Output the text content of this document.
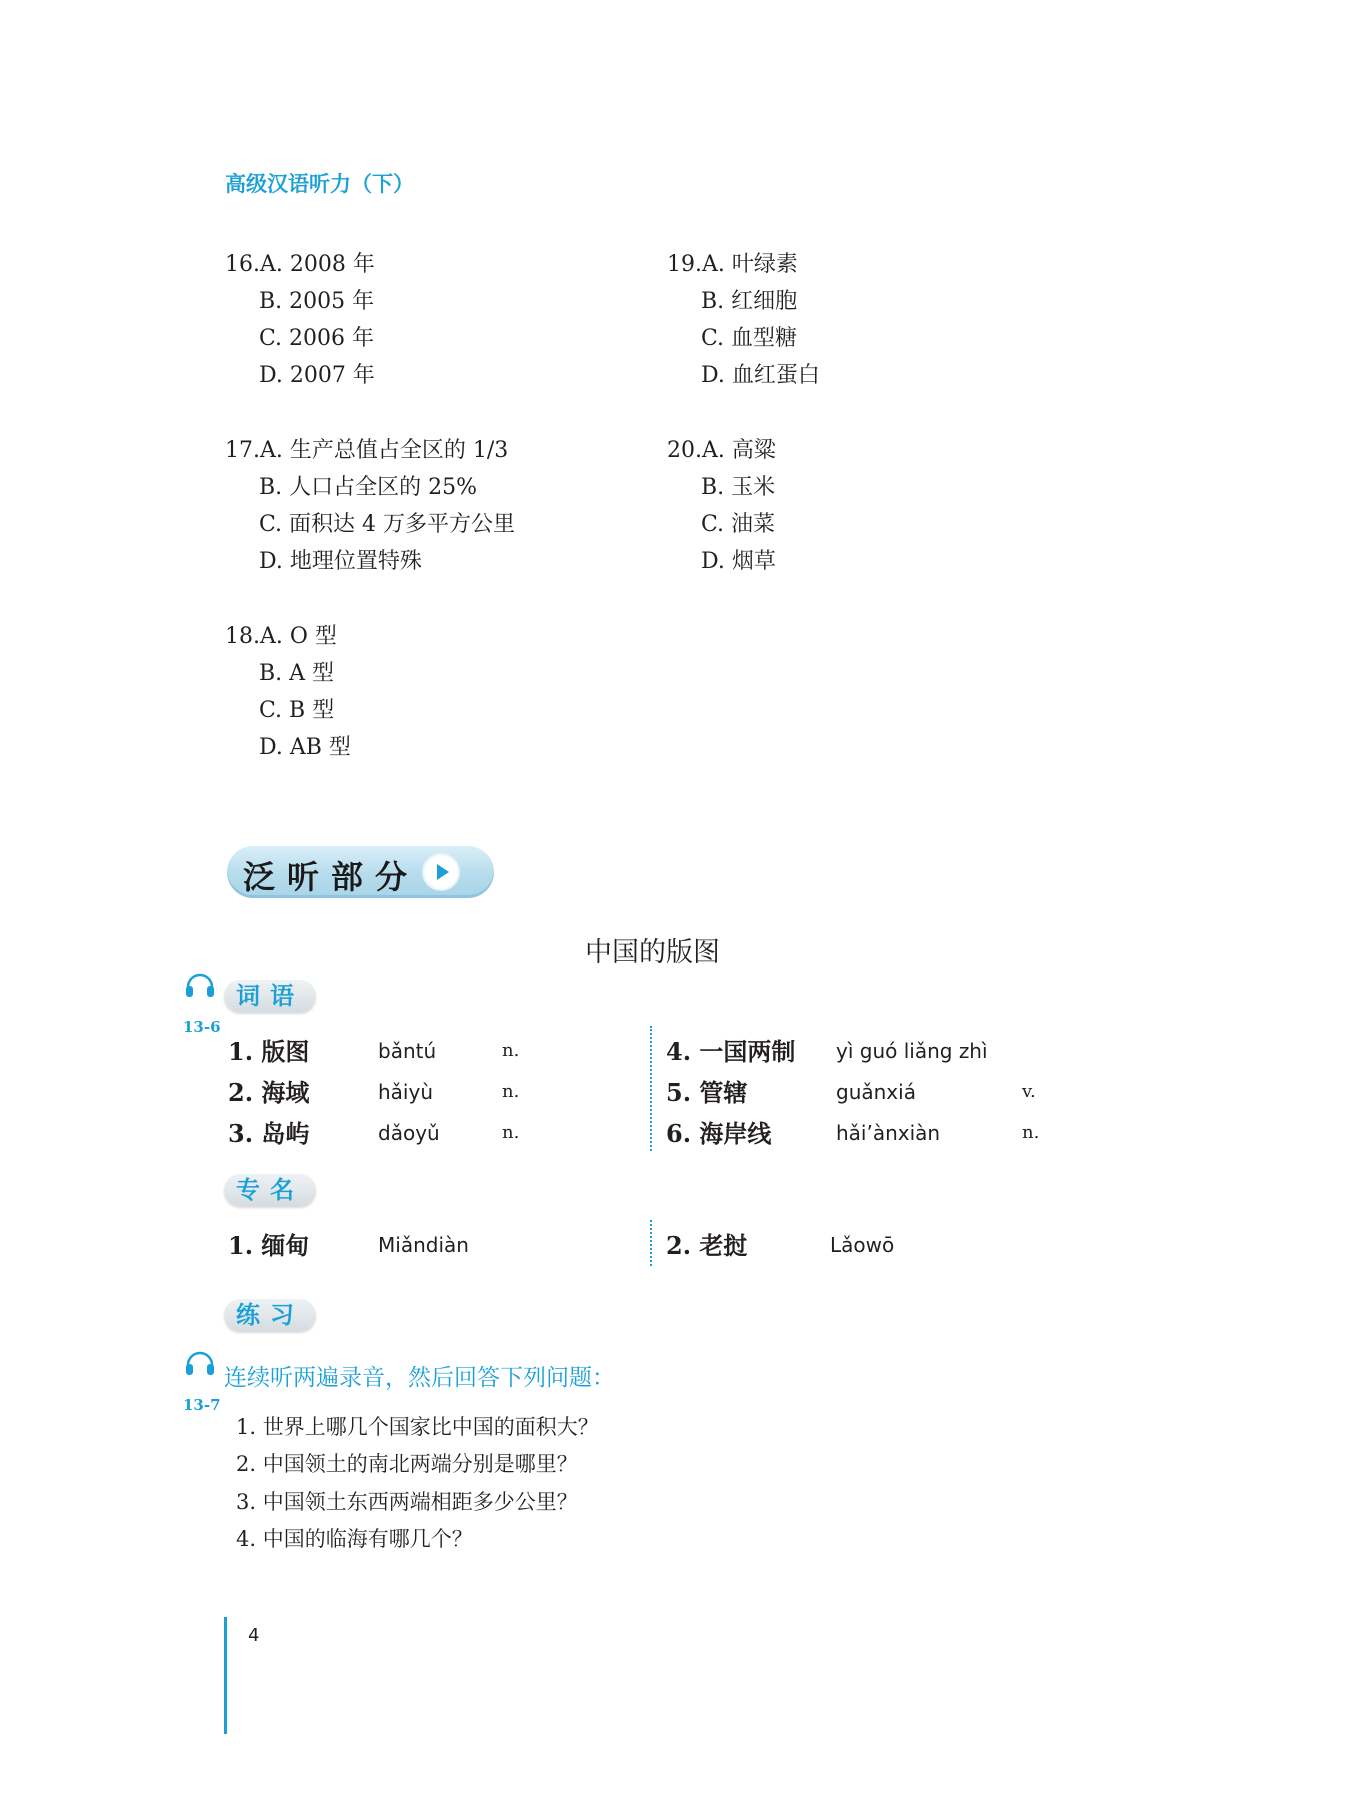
高级汉语听力（下）
16.A. 2008 年
B. 2005 年
C. 2006 年
D. 2007 年
17.A. 生产总值占全区的 1/3
B. 人口占全区的 25%
C. 面积达 4 万多平方公里
D. 地理位置特殊
18.A. O 型
B. A 型
C. B 型
D. AB 型
19.A. 叶绿素
B. 红细胞
C. 血型糖
D. 血红蛋白
20.A. 高粱
B. 玉米
C. 油菜
D. 烟草
泛听部分
中国的版图
13-6
词语
1. 版图	bǎntú	n.
2. 海域	hǎiyù	n.
3. 岛屿	dǎoyǔ	n.
4. 一国两制 yì guó liǎng zhì
5. 管辖	guǎnxiá	v.
6. 海岸线	hǎi’ànxiàn	n.
专名
1. 缅甸	Miǎndiàn	2. 老挝	Lǎowō
练习
13-7
连续听两遍录音，然后回答下列问题：
1. 世界上哪几个国家比中国的面积大？
2. 中国领土的南北两端分别是哪里？
3. 中国领土东西两端相距多少公里？
4. 中国的临海有哪几个？
4
